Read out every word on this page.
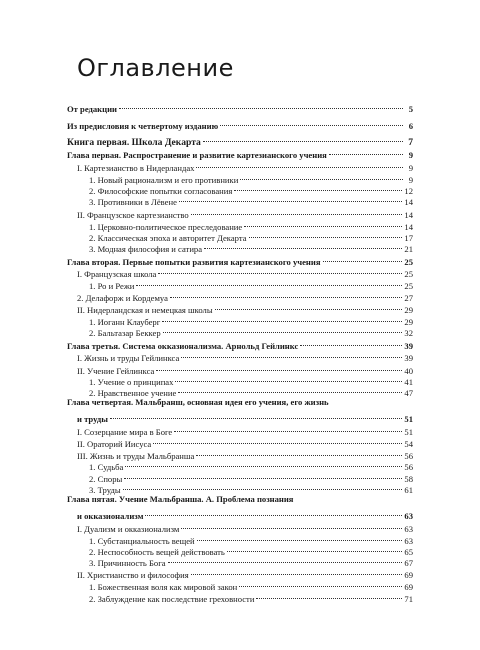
Оглавление
От редакции	5
Из предисловия к четвертому изданию	6
Книга первая. Школа Декарта	7
Глава первая. Распространение и развитие картезианского учения	9
I. Картезианство в Нидерландах	9
1. Новый рационализм и его противники	9
2. Философские попытки согласования	12
3. Противники в Лёвене	14
II. Французское картезианство	14
1. Церковно-политическое преследование	14
2. Классическая эпоха и авторитет Декарта	17
3. Модная философия и сатира	21
Глава вторая. Первые попытки развития картезианского учения	25
I. Французская школа	25
1. Ро и Режи	25
2. Делафорж и Кордемуа	27
II. Нидерландская и немецкая школы	29
1. Иоганн Клауберг	29
2. Бальтазар Беккер	32
Глава третья. Система окказионализма. Арнольд Гейлинкс	39
I. Жизнь и труды Гейлинкса	39
II. Учение Гейлинкса	40
1. Учение о принципах	41
2. Нравственное учение	47
Глава четвертая. Мальбранш, основная идея его учения, его жизнь
и труды	51
I. Созерцание мира в Боге	51
II. Ораторий Иисуса	54
III. Жизнь и труды Мальбранша	56
1. Судьба	56
2. Споры	58
3. Труды	61
Глава пятая. Учение Мальбранша. А. Проблема познания
и окказионализм	63
I. Дуализм и окказионализм	63
1. Субстанциальность вещей	63
2. Неспособность вещей действовать	65
3. Причинность Бога	67
II. Христианство и философия	69
1. Божественная воля как мировой закон	69
2. Заблуждение как последствие греховности	71
